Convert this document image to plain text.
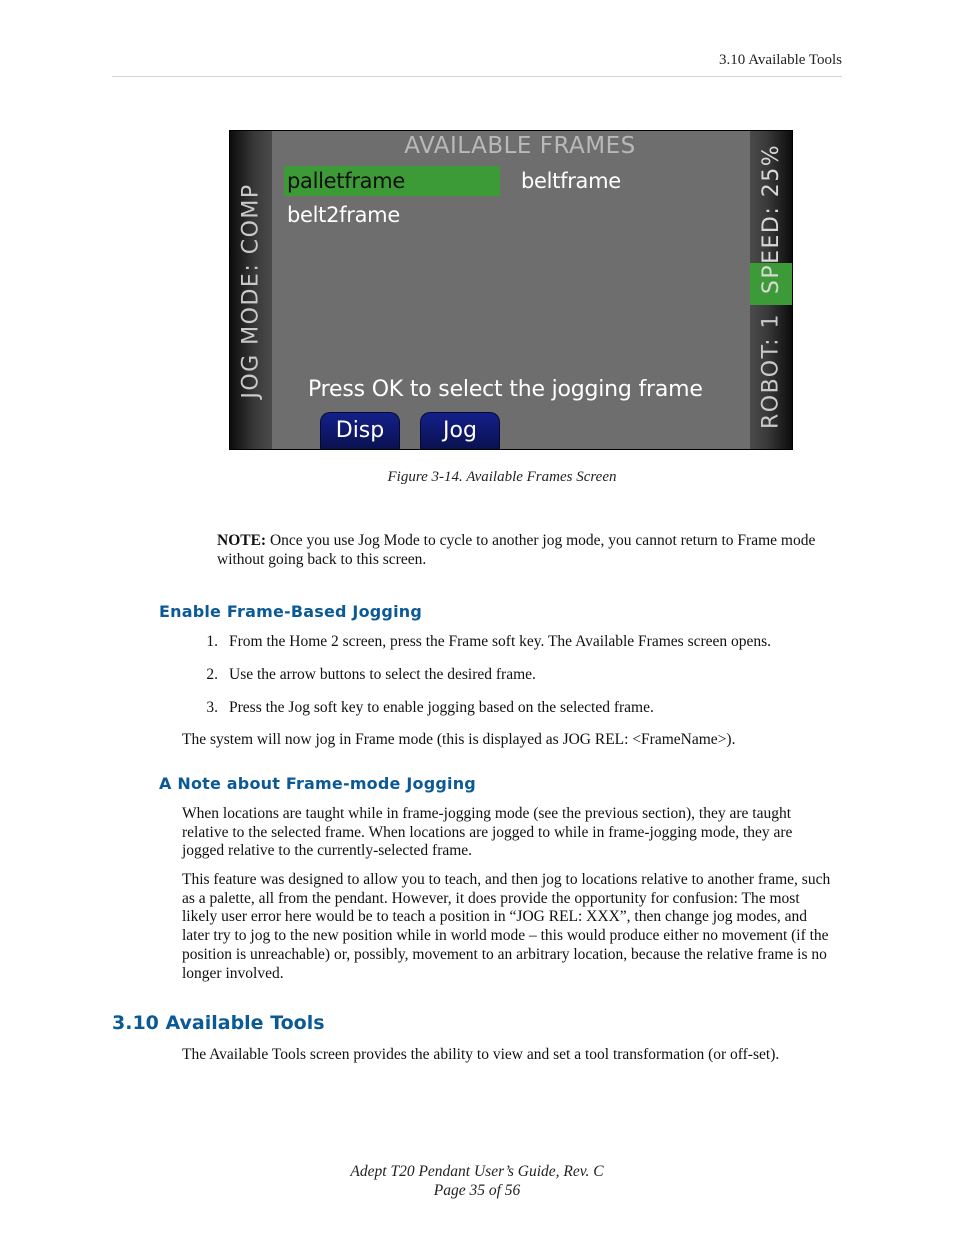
3.10 Available Tools
JOG MODE: COMP	SPEED: 25%
ROBOT: 1
AVAILABLE FRAMES
palletframe	beltframe
belt2frame
Press OK to select the jogging frame
Disp	Jog
Figure 3-14. Available Frames Screen
NOTE: Once you use Jog Mode to cycle to another jog mode, you cannot return to Frame mode without going back to this screen.
Enable Frame-Based Jogging
1. From the Home 2 screen, press the Frame soft key. The Available Frames screen opens.
2. Use the arrow buttons to select the desired frame.
3. Press the Jog soft key to enable jogging based on the selected frame.

The system will now jog in Frame mode (this is displayed as JOG REL: <FrameName>).

A Note about Frame-mode Jogging

When locations are taught while in frame-jogging mode (see the previous section), they are taught relative to the selected frame. When locations are jogged to while in frame-jogging mode, they are jogged relative to the currently-selected frame.

This feature was designed to allow you to teach, and then jog to locations relative to another frame, such as a palette, all from the pendant. However, it does provide the opportunity for confusion: The most likely user error here would be to teach a position in “JOG REL: XXX”, then change jog modes, and later try to jog to the new position while in world mode – this would produce either no movement (if the position is unreachable) or, possibly, movement to an arbitrary location, because the relative frame is no longer involved.

3.10 Available Tools

The Available Tools screen provides the ability to view and set a tool transformation (or off-set).

Adept T20 Pendant User’s Guide, Rev. C
Page 35 of 56
